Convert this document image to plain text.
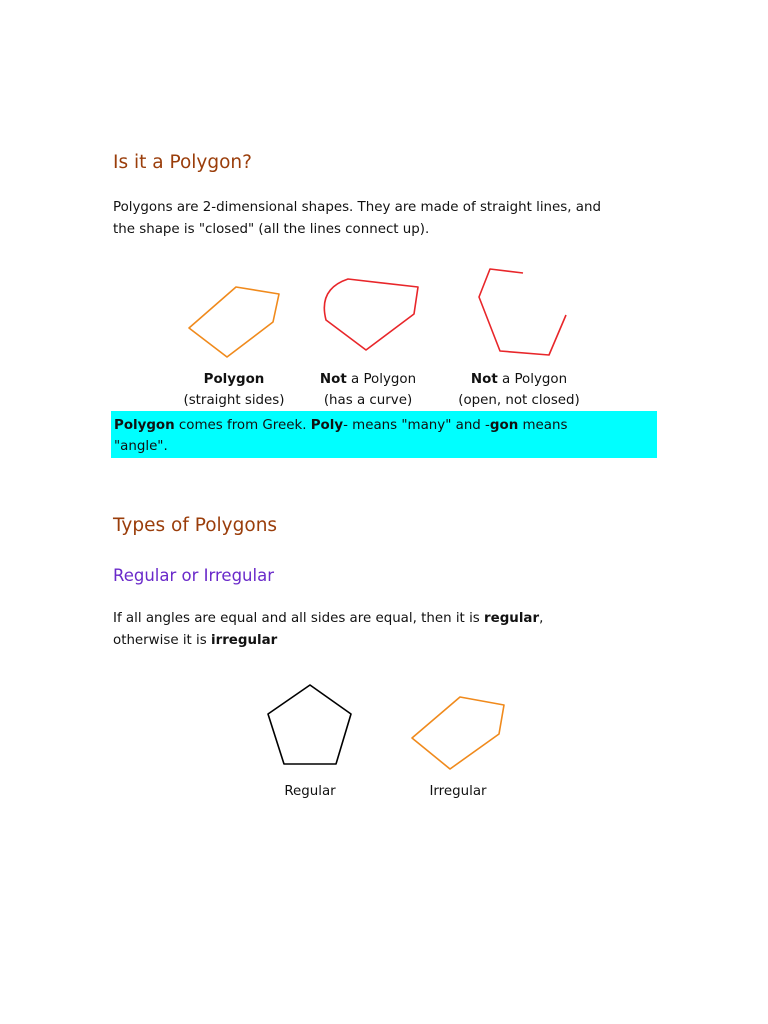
Is it a Polygon?

Polygons are 2-dimensional shapes. They are made of straight lines, and
the shape is "closed" (all the lines connect up).

Polygon
(straight sides)
Not a Polygon
(has a curve)
Not a Polygon
(open, not closed)
Polygon comes from Greek. Poly- means "many" and -gon means
"angle".
Types of Polygons
Regular or Irregular

If all angles are equal and all sides are equal, then it is regular,
otherwise it is irregular

Regular	Irregular
